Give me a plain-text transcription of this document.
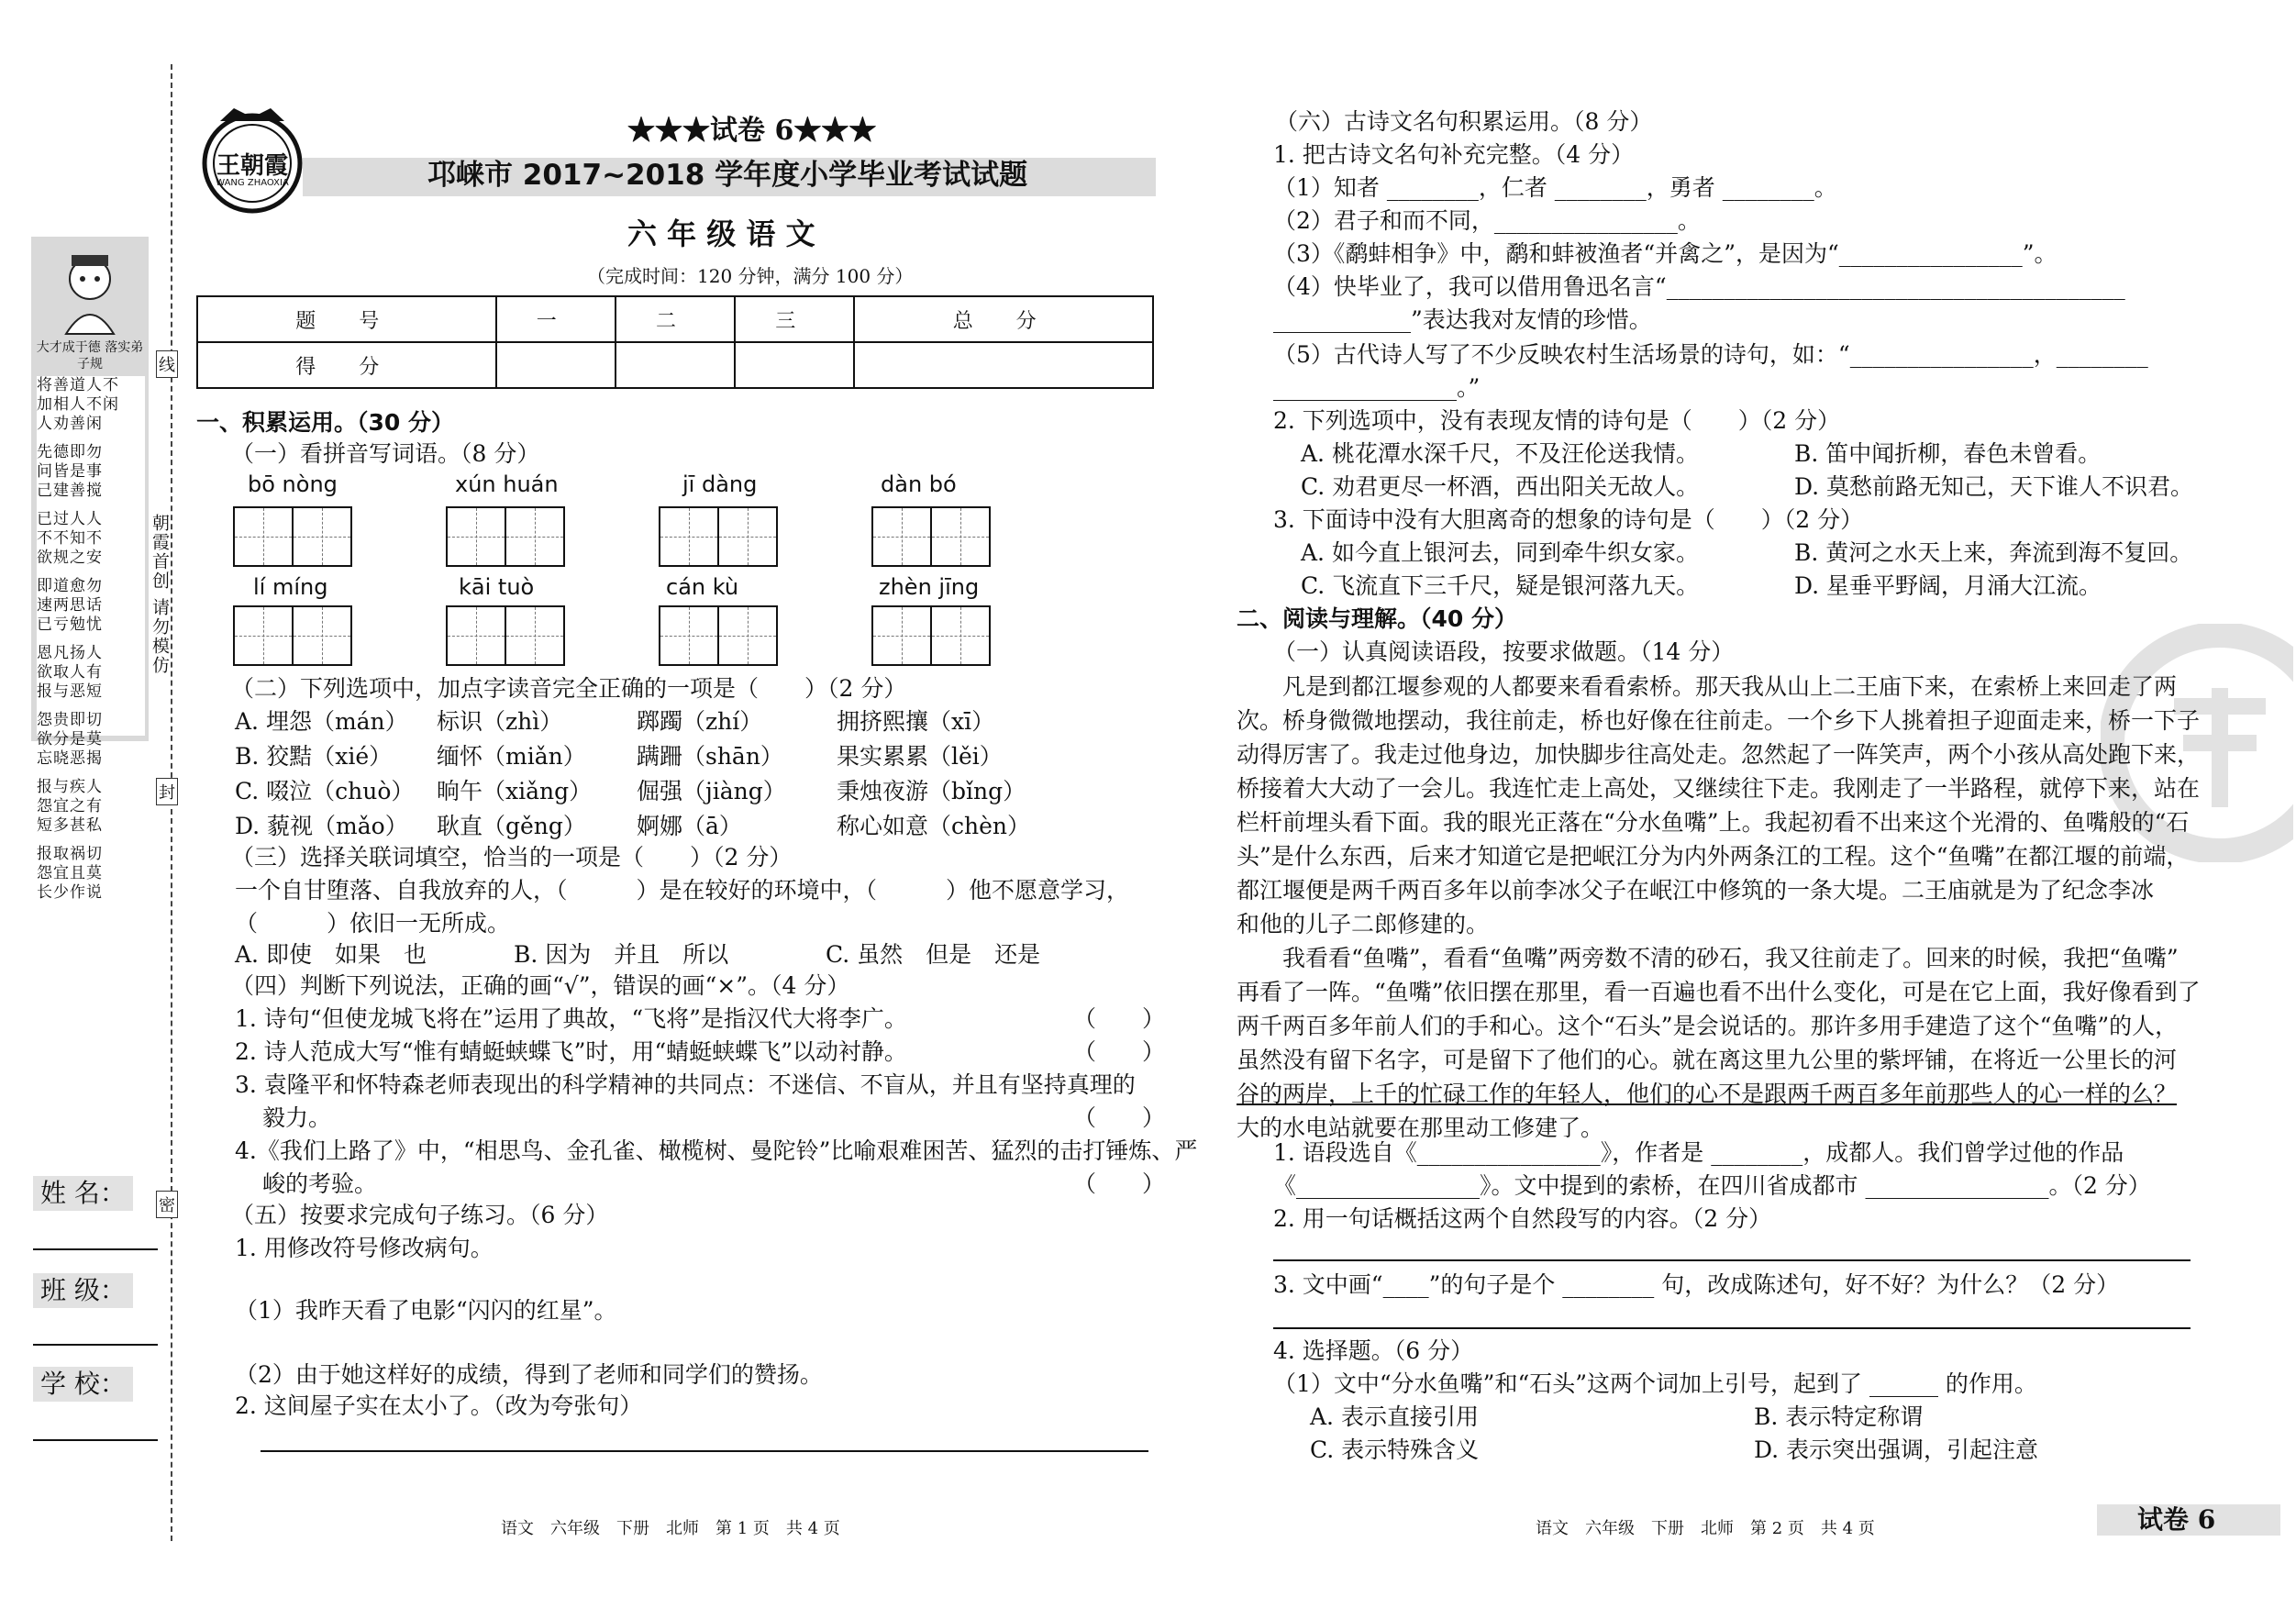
线
封
密
大才成于德 落实弟子规
将善道人不
加相人不闲
人劝善闲
先德即勿
问皆是事
己建善搅
已过人人
不不知不
欲规之安
即道愈勿
速两思话
已亏勉忧
恩凡扬人
欲取人有
报与恶短
怨贵即切
欲分是莫
忘晓恶揭
报与疾人
怨宜之有
短多甚私
报取祸切
怨宜且莫
长少作说
朝霞首创
请勿模仿
姓 名：
班 级：
学 校：
王朝霞
WANG ZHAOXIA
★★★试卷 6★★★
邛崃市 2017~2018 学年度小学毕业考试试题
六 年 级 语 文
（完成时间：120 分钟，满分 100 分）
题 号	一	二	三	总 分
得 分				
一、积累运用。（30 分）
（一）看拼音写词语。（8 分）
bō nòng	xún huán	jī dàng	dàn bó
lí míng	kāi tuò	cán kù	zhèn jīng
（二）下列选项中，加点字读音完全正确的一项是（　　）（2 分）
A. 埋怨（mán） 标识（zhì）	踯躅（zhí）	拥挤熙攘（xī）
B. 狡黠（xié） 缅怀（miǎn） 蹒跚（shān） 果实累累（lěi）
C. 啜泣（chuò） 晌午（xiǎng） 倔强（jiàng） 秉烛夜游（bǐng）
D. 藐视（mǎo） 耿直（gěng） 婀娜（ā）	称心如意（chèn）
（三）选择关联词填空，恰当的一项是（　　）（2 分）
一个自甘堕落、自我放弃的人，（　　　）是在较好的环境中，（　　　）他不愿意学习，
（　　　）依旧一无所成。
A. 即使　如果　也	B. 因为　并且　所以	C. 虽然　但是　还是
（四）判断下列说法，正确的画“√”，错误的画“×”。（4 分）
1. 诗句“但使龙城飞将在”运用了典故，“飞将”是指汉代大将李广。	（　　）
2. 诗人范成大写“惟有蜻蜓蛱蝶飞”时，用“蜻蜓蛱蝶飞”以动衬静。	（　　）
3. 袁隆平和怀特森老师表现出的科学精神的共同点：不迷信、不盲从，并且有坚持真理的
毅力。	（　　）
4.《我们上路了》中，“相思鸟、金孔雀、橄榄树、曼陀铃”比喻艰难困苦、猛烈的击打锤炼、严
峻的考验。	（　　）
（五）按要求完成句子练习。（6 分）
1. 用修改符号修改病句。
（1）我昨天看了电影“闪闪的红星”。
（2）由于她这样好的成绩，得到了老师和同学们的赞扬。
2. 这间屋子实在太小了。（改为夸张句）
语文　六年级　下册　北师　第 1 页　共 4 页
（六）古诗文名句积累运用。（8 分）
1. 把古诗文名句补充完整。（4 分）
（1）知者 ________，仁者 ________，勇者 ________。
（2）君子和而不同，________________。
（3）《鹬蚌相争》中，鹬和蚌被渔者“并禽之”，是因为“________________”。
（4）快毕业了，我可以借用鲁迅名言“________________________________________
____________”表达我对友情的珍惜。
（5）古代诗人写了不少反映农村生活场景的诗句，如：“________________，________
________________。”
2. 下列选项中，没有表现友情的诗句是（　　）（2 分）
A. 桃花潭水深千尺，不及汪伦送我情。	B. 笛中闻折柳，春色未曾看。
C. 劝君更尽一杯酒，西出阳关无故人。	D. 莫愁前路无知己，天下谁人不识君。
3. 下面诗中没有大胆离奇的想象的诗句是（　　）（2 分）
A. 如今直上银河去，同到牵牛织女家。	B. 黄河之水天上来，奔流到海不复回。
C. 飞流直下三千尺，疑是银河落九天。	D. 星垂平野阔，月涌大江流。
二、阅读与理解。（40 分）
（一）认真阅读语段，按要求做题。（14 分）
　　凡是到都江堰参观的人都要来看看索桥。那天我从山上二王庙下来，在索桥上来回走了两
次。桥身微微地摆动，我往前走，桥也好像在往前走。一个乡下人挑着担子迎面走来，桥一下子
动得厉害了。我走过他身边，加快脚步往高处走。忽然起了一阵笑声，两个小孩从高处跑下来，
桥接着大大动了一会儿。我连忙走上高处，又继续往下走。我刚走了一半路程，就停下来，站在
栏杆前埋头看下面。我的眼光正落在“分水鱼嘴”上。我起初看不出来这个光滑的、鱼嘴般的“石
头”是什么东西，后来才知道它是把岷江分为内外两条江的工程。这个“鱼嘴”在都江堰的前端，
都江堰便是两千两百多年以前李冰父子在岷江中修筑的一条大堤。二王庙就是为了纪念李冰
和他的儿子二郎修建的。
　　我看看“鱼嘴”，看看“鱼嘴”两旁数不清的砂石，我又往前走了。回来的时候，我把“鱼嘴”
再看了一阵。“鱼嘴”依旧摆在那里，看一百遍也看不出什么变化，可是在它上面，我好像看到了
两千两百多年前人们的手和心。这个“石头”是会说话的。那许多用手建造了这个“鱼嘴”的人，
虽然没有留下名字，可是留下了他们的心。就在离这里九公里的紫坪铺，在将近一公里长的河
谷的两岸，上千的忙碌工作的年轻人，他们的心不是跟两千两百多年前那些人的心一样的么？
大的水电站就要在那里动工修建了。
1. 语段选自《________________》，作者是 ________，成都人。我们曾学过他的作品
《________________》。文中提到的索桥，在四川省成都市 ________________。（2 分）
2. 用一句话概括这两个自然段写的内容。（2 分）
3. 文中画“____”的句子是个 ________ 句，改成陈述句，好不好？为什么？（2 分）
4. 选择题。（6 分）
（1）文中“分水鱼嘴”和“石头”这两个词加上引号，起到了 ______ 的作用。
A. 表示直接引用	B. 表示特定称谓
C. 表示特殊含义	D. 表示突出强调，引起注意
语文　六年级　下册　北师　第 2 页　共 4 页	试卷 6
